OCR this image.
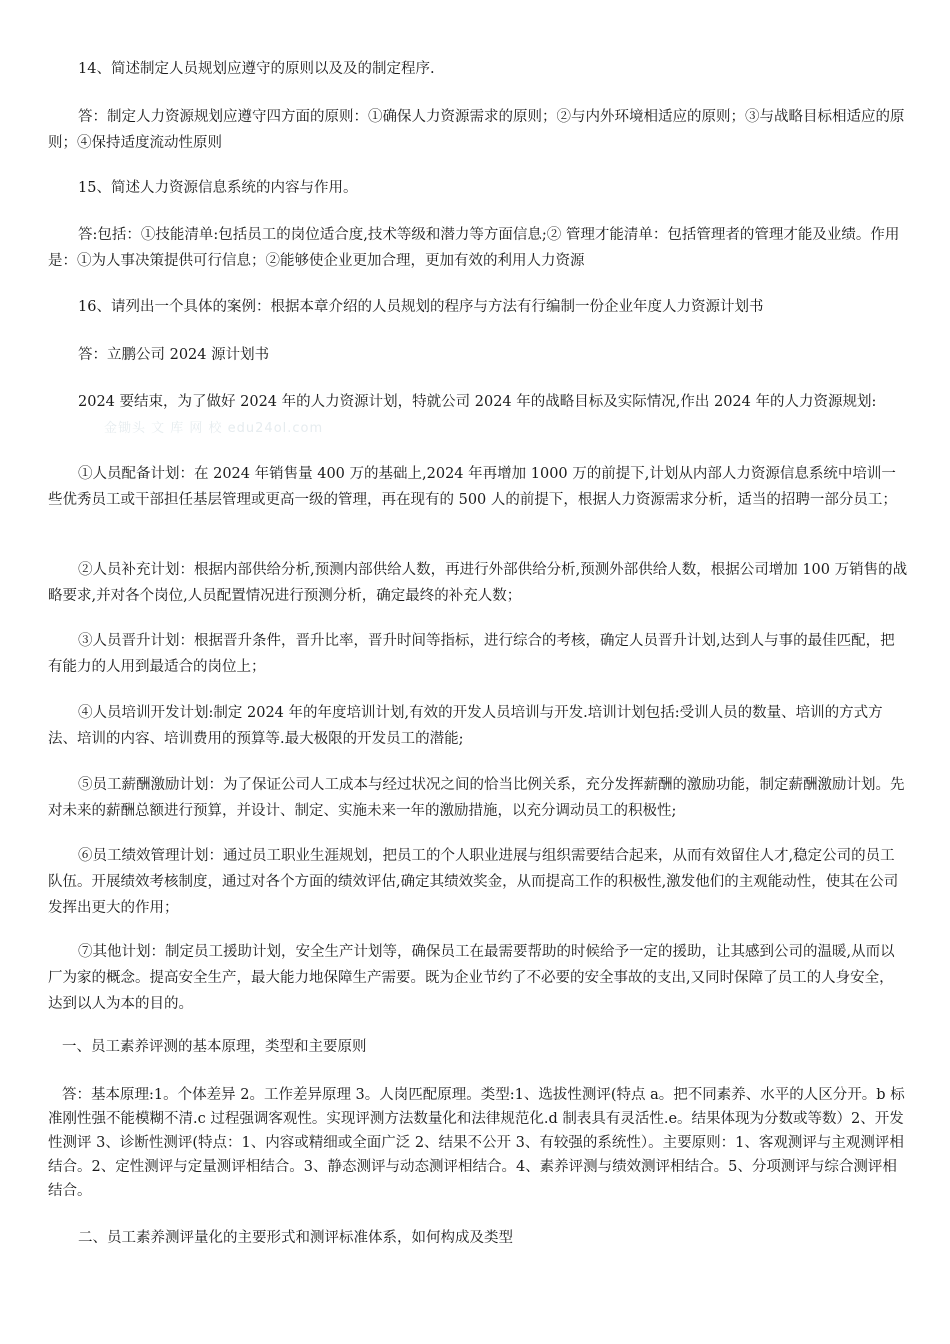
14、简述制定人员规划应遵守的原则以及及的制定程序.

答：制定人力资源规划应遵守四方面的原则：①确保人力资源需求的原则；②与内外环境相适应的原则；③与战略目标相适应的原则；④保持适度流动性原则

15、简述人力资源信息系统的内容与作用。

答:包括：①技能清单:包括员工的岗位适合度,技术等级和潜力等方面信息;② 管理才能清单：包括管理者的管理才能及业绩。作用是：①为人事决策提供可行信息；②能够使企业更加合理，更加有效的利用人力资源

16、请列出一个具体的案例：根据本章介绍的人员规划的程序与方法有行编制一份企业年度人力资源计划书

答：立鹏公司 2024 源计划书

2024 要结束，为了做好 2024 年的人力资源计划，特就公司 2024 年的战略目标及实际情况,作出 2024 年的人力资源规划:

金锄头 文 库 网 校 edu24ol.com

①人员配备计划：在 2024 年销售量 400 万的基础上,2024 年再增加 1000 万的前提下,计划从内部人力资源信息系统中培训一些优秀员工或干部担任基层管理或更高一级的管理，再在现有的 500 人的前提下，根据人力资源需求分析，适当的招聘一部分员工；

②人员补充计划：根据内部供给分析,预测内部供给人数，再进行外部供给分析,预测外部供给人数，根据公司增加 100 万销售的战略要求,并对各个岗位,人员配置情况进行预测分析，确定最终的补充人数；

③人员晋升计划：根据晋升条件，晋升比率，晋升时间等指标，进行综合的考核，确定人员晋升计划,达到人与事的最佳匹配，把有能力的人用到最适合的岗位上；

④人员培训开发计划:制定 2024 年的年度培训计划,有效的开发人员培训与开发.培训计划包括:受训人员的数量、培训的方式方法、培训的内容、培训费用的预算等.最大极限的开发员工的潜能;

⑤员工薪酬激励计划：为了保证公司人工成本与经过状况之间的恰当比例关系，充分发挥薪酬的激励功能，制定薪酬激励计划。先对未来的薪酬总额进行预算，并设计、制定、实施未来一年的激励措施，以充分调动员工的积极性;

⑥员工绩效管理计划：通过员工职业生涯规划，把员工的个人职业进展与组织需要结合起来，从而有效留住人才,稳定公司的员工队伍。开展绩效考核制度，通过对各个方面的绩效评估,确定其绩效奖金，从而提高工作的积极性,激发他们的主观能动性，使其在公司发挥出更大的作用；

⑦其他计划：制定员工援助计划，安全生产计划等，确保员工在最需要帮助的时候给予一定的援助，让其感到公司的温暖,从而以厂为家的概念。提高安全生产，最大能力地保障生产需要。既为企业节约了不必要的安全事故的支出,又同时保障了员工的人身安全，达到以人为本的目的。

一、员工素养评测的基本原理，类型和主要原则

答：基本原理:1。个体差异 2。工作差异原理 3。人岗匹配原理。类型:1、选拔性测评(特点 a。把不同素养、水平的人区分开。b 标准刚性强不能模糊不清.c 过程强调客观性。实现评测方法数量化和法律规范化.d 制表具有灵活性.e。结果体现为分数或等数）2、开发性测评 3、诊断性测评(特点：1、内容或精细或全面广泛 2、结果不公开 3、有较强的系统性）。主要原则：1、客观测评与主观测评相结合。2、定性测评与定量测评相结合。3、静态测评与动态测评相结合。4、素养评测与绩效测评相结合。5、分项测评与综合测评相结合。

二、员工素养测评量化的主要形式和测评标准体系，如何构成及类型
